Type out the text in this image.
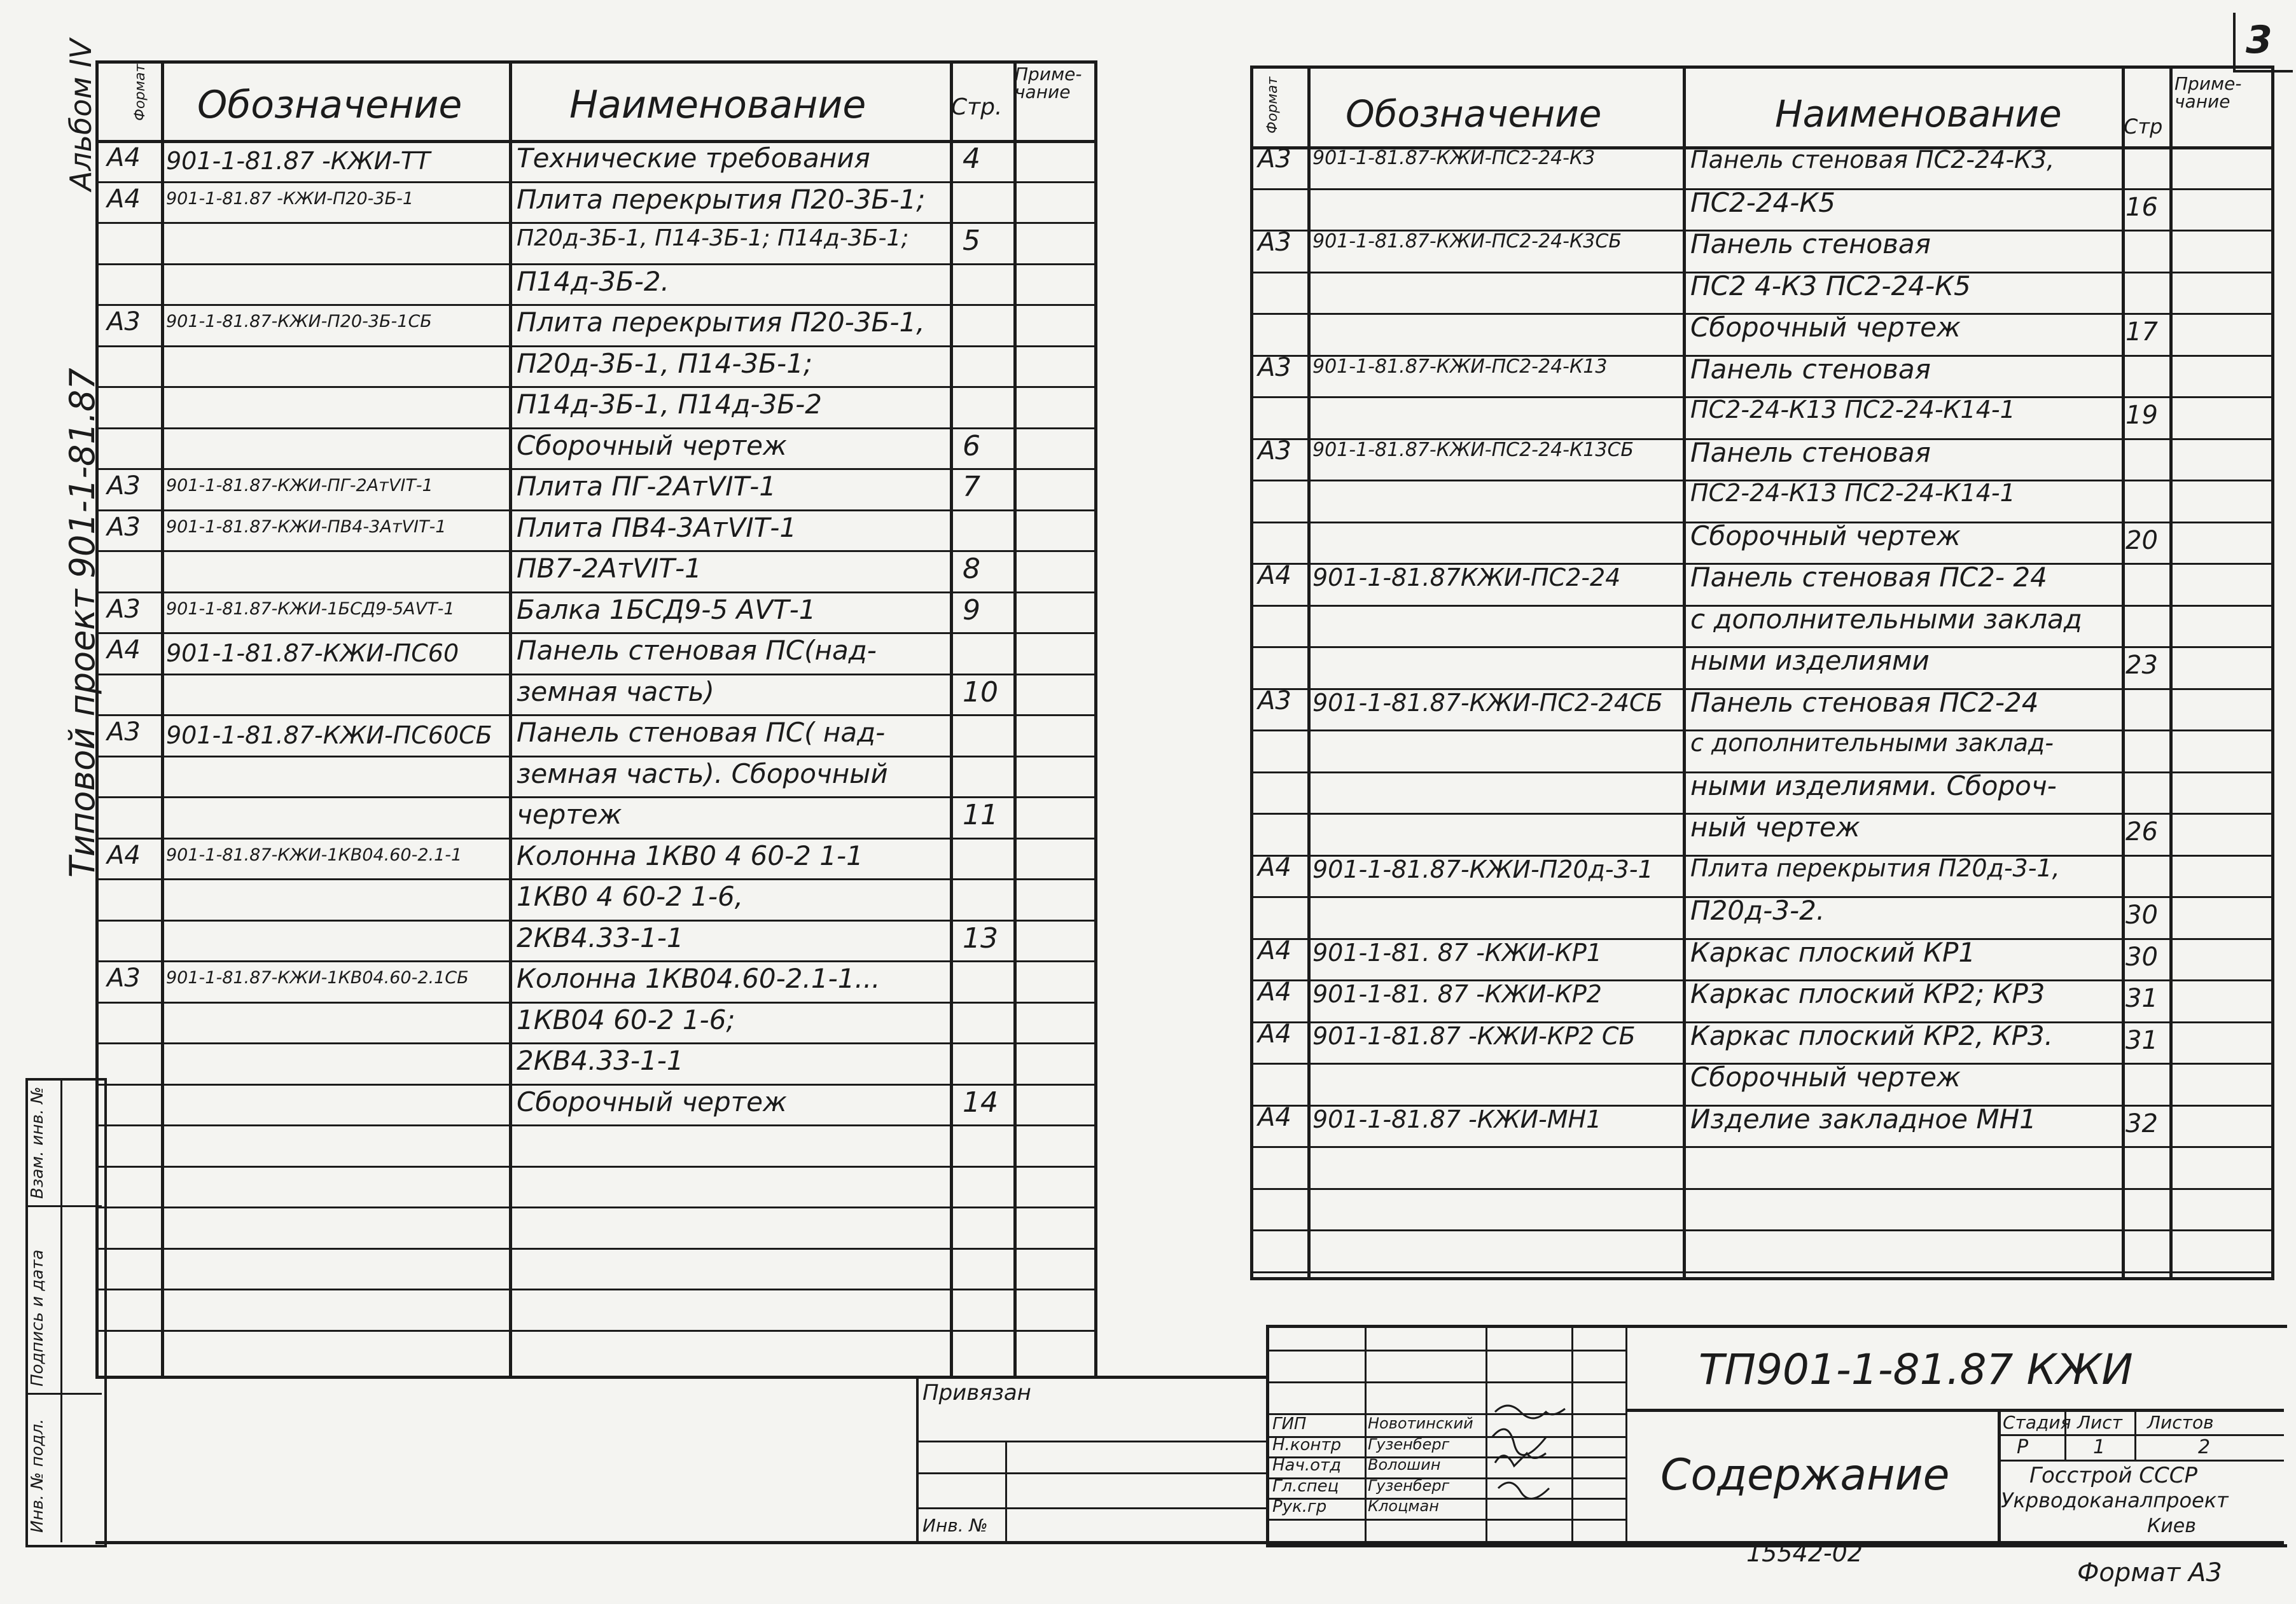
3
Альбом IV
Типовой проект 901-1-81.87
Инв. № подл.
Подпись и дата
Взам. инв. №
Формат Обозначение	Наименование	Стр.
Приме-чание
A4 901-1-81.87 -КЖИ-ТТ	Технические требования	4
A4 901-1-81.87 -КЖИ-П20-3Б-1	Плита перекрытия П20-3Б-1;
П20д-3Б-1, П14-3Б-1; П14д-3Б-1; 5
П14д-3Б-2.
A3 901-1-81.87-КЖИ-П20-3Б-1СБ	Плита перекрытия П20-3Б-1,
П20д-3Б-1, П14-3Б-1;
П14д-3Б-1, П14д-3Б-2
Сборочный чертеж	6
A3 901-1-81.87-КЖИ-ПГ-2АтVIТ-1	Плита ПГ-2АтVIТ-1	7
A3 901-1-81.87-КЖИ-ПВ4-3АтVIТ-1	Плита ПВ4-3АтVIТ-1
ПВ7-2АтVIТ-1	8
A3 901-1-81.87-КЖИ-1БСД9-5АVТ-1 Балка 1БСД9-5 АVТ-1	9
A4 901-1-81.87-КЖИ-ПС60 Панель стеновая ПС(над-
земная часть)	10
A3 901-1-81.87-КЖИ-ПС60СБ Панель стеновая ПС( над-
земная часть). Сборочный
чертеж	11
A4 901-1-81.87-КЖИ-1КВ04.60-2.1-1 Колонна 1КВ0 4 60-2 1-1
1КВ0 4 60-2 1-6,
2КВ4.33-1-1	13
A3 901-1-81.87-КЖИ-1КВ04.60-2.1СБ Колонна 1КВ04.60-2.1-1...
1КВ04 60-2 1-6;
2КВ4.33-1-1
Сборочный чертеж	14
Формат Обозначение	Наименование	Стр
Приме-чание
A3 901-1-81.87-КЖИ-ПС2-24-К3	Панель стеновая ПС2-24-К3,
ПС2-24-К5	16
A3 901-1-81.87-КЖИ-ПС2-24-К3СБ	Панель стеновая
ПС2 4-К3 ПС2-24-К5
Сборочный чертеж	17
A3 901-1-81.87-КЖИ-ПС2-24-К13	Панель стеновая
ПС2-24-К13 ПС2-24-К14-1	19
A3 901-1-81.87-КЖИ-ПС2-24-К13СБ Панель стеновая
ПС2-24-К13 ПС2-24-К14-1
Сборочный чертеж	20
A4 901-1-81.87КЖИ-ПС2-24	Панель стеновая ПС2- 24
с дополнительными заклад
ными изделиями	23
A3 901-1-81.87-КЖИ-ПС2-24СБ Панель стеновая ПС2-24
с дополнительными заклад-
ными изделиями. Сбороч-
ный чертеж	26
A4 901-1-81.87-КЖИ-П20д-3-1 Плита перекрытия П20д-3-1,
П20д-3-2.	30
A4 901-1-81. 87 -КЖИ-КР1	Каркас плоский КР1	30
A4 901-1-81. 87 -КЖИ-КР2	Каркас плоский КР2; КР3	31
A4 901-1-81.87 -КЖИ-КР2 СБ Каркас плоский КР2, КР3.	31
Сборочный чертеж
A4 901-1-81.87 -КЖИ-МН1	Изделие закладное МН1	32
Привязан
Инв. №
ГИП	Новотинский
Н.контр Гузенберг
Нач.отд Волошин
Гл.спец Гузенберг
Рук.гр	Клоцман
ТП901-1-81.87 КЖИ
Содержание
Стадия Лист Листов
Р	1	2
Госстрой СССР
Укрводоканалпроект
Киев
15542-02
Формат A3
